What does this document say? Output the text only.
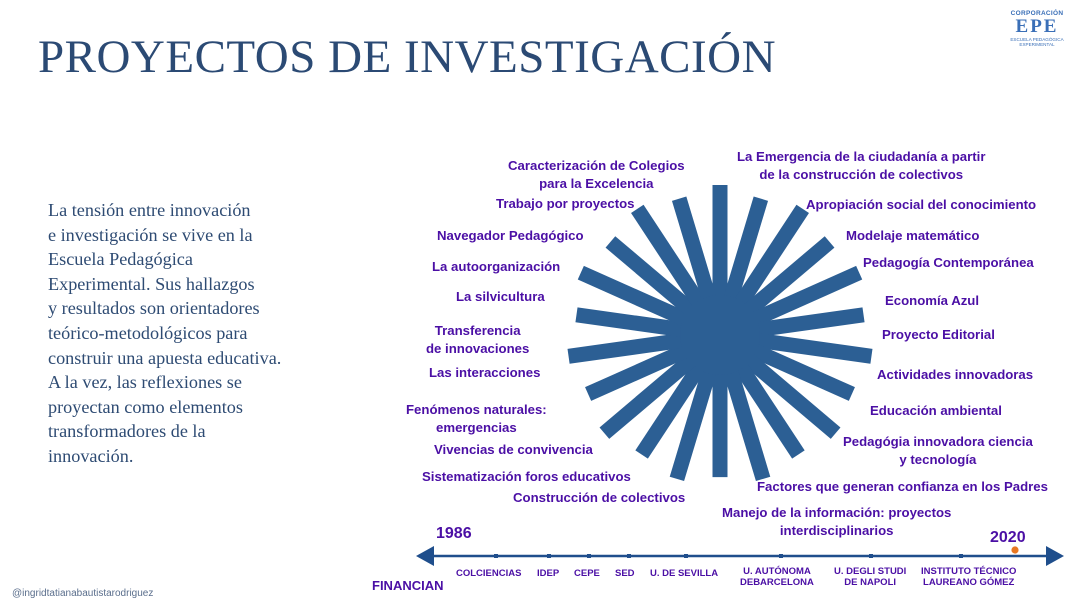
PROYECTOS DE INVESTIGACIÓN
CORPORACIÓN
EPE
ESCUELA PEDAGÓGICA
EXPERIMENTAL
La tensión entre innovación
e investigación se vive en la
Escuela Pedagógica
Experimental. Sus hallazgos
y resultados son orientadores
teórico-metodológicos para
construir una apuesta educativa.
A la vez, las reflexiones se
proyectan como elementos
transformadores de la
innovación.
Caracterización de Colegios
para la Excelencia
La Emergencia de la ciudadanía a partir
de la construcción de colectivos
Trabajo por proyectos	Apropiación social del conocimiento
Navegador Pedagógico	Modelaje matemático
La autoorganización	Pedagogía Contemporánea
La silvicultura	Economía Azul
Transferencia
de innovaciones
Proyecto Editorial
Las interacciones	Actividades innovadoras
Fenómenos naturales:
emergencias
Educación ambiental
Vivencias de convivencia
Pedagógia innovadora ciencia
y tecnología
Sistematización foros educativos
Factores que generan confianza en los Padres
Construcción de colectivos
Manejo de la información: proyectos
interdisciplinarios
1986	2020
FINANCIAN
COLCIENCIAS IDEP CEPE SED U. DE SEVILLA	U. AUTÓNOMA
DEBARCELONA
U. DEGLI STUDI
DE NAPOLI
INSTITUTO TÉCNICO
LAUREANO GÓMEZ
@ingridtatianabautistarodriguez
